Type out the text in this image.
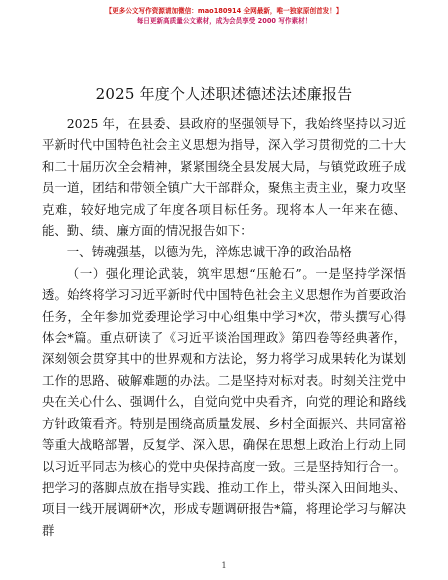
【更多公文写作资源请加微信：mao180914 全网最新，唯一独家原创首发！】
每日更新高质量公文素材，成为会员享受 2000 写作素材！
2025 年度个人述职述德述法述廉报告

2025 年，在县委、县政府的坚强领导下，我始终坚持以习近平新时代中国特色社会主义思想为指导，深入学习贯彻党的二十大和二十届历次全会精神，紧紧围绕全县发展大局，与镇党政班子成员一道，团结和带领全镇广大干部群众，聚焦主责主业，聚力攻坚克难，较好地完成了年度各项目标任务。现将本人一年来在德、能、勤、绩、廉方面的情况报告如下：

一、铸魂强基，以德为先，淬炼忠诚干净的政治品格

（一）强化理论武装，筑牢思想“压舱石”。一是坚持学深悟透。始终将学习习近平新时代中国特色社会主义思想作为首要政治任务，全年参加党委理论学习中心组集中学习*次，带头撰写心得体会*篇。重点研读了《习近平谈治国理政》第四卷等经典著作，深刻领会贯穿其中的世界观和方法论，努力将学习成果转化为谋划工作的思路、破解难题的办法。二是坚持对标对表。时刻关注党中央在关心什么、强调什么，自觉向党中央看齐，向党的理论和路线方针政策看齐。特别是围绕高质量发展、乡村全面振兴、共同富裕等重大战略部署，反复学、深入思，确保在思想上政治上行动上同以习近平同志为核心的党中央保持高度一致。三是坚持知行合一。把学习的落脚点放在指导实践、推动工作上，带头深入田间地头、项目一线开展调研*次，形成专题调研报告*篇，将理论学习与解决群

1
